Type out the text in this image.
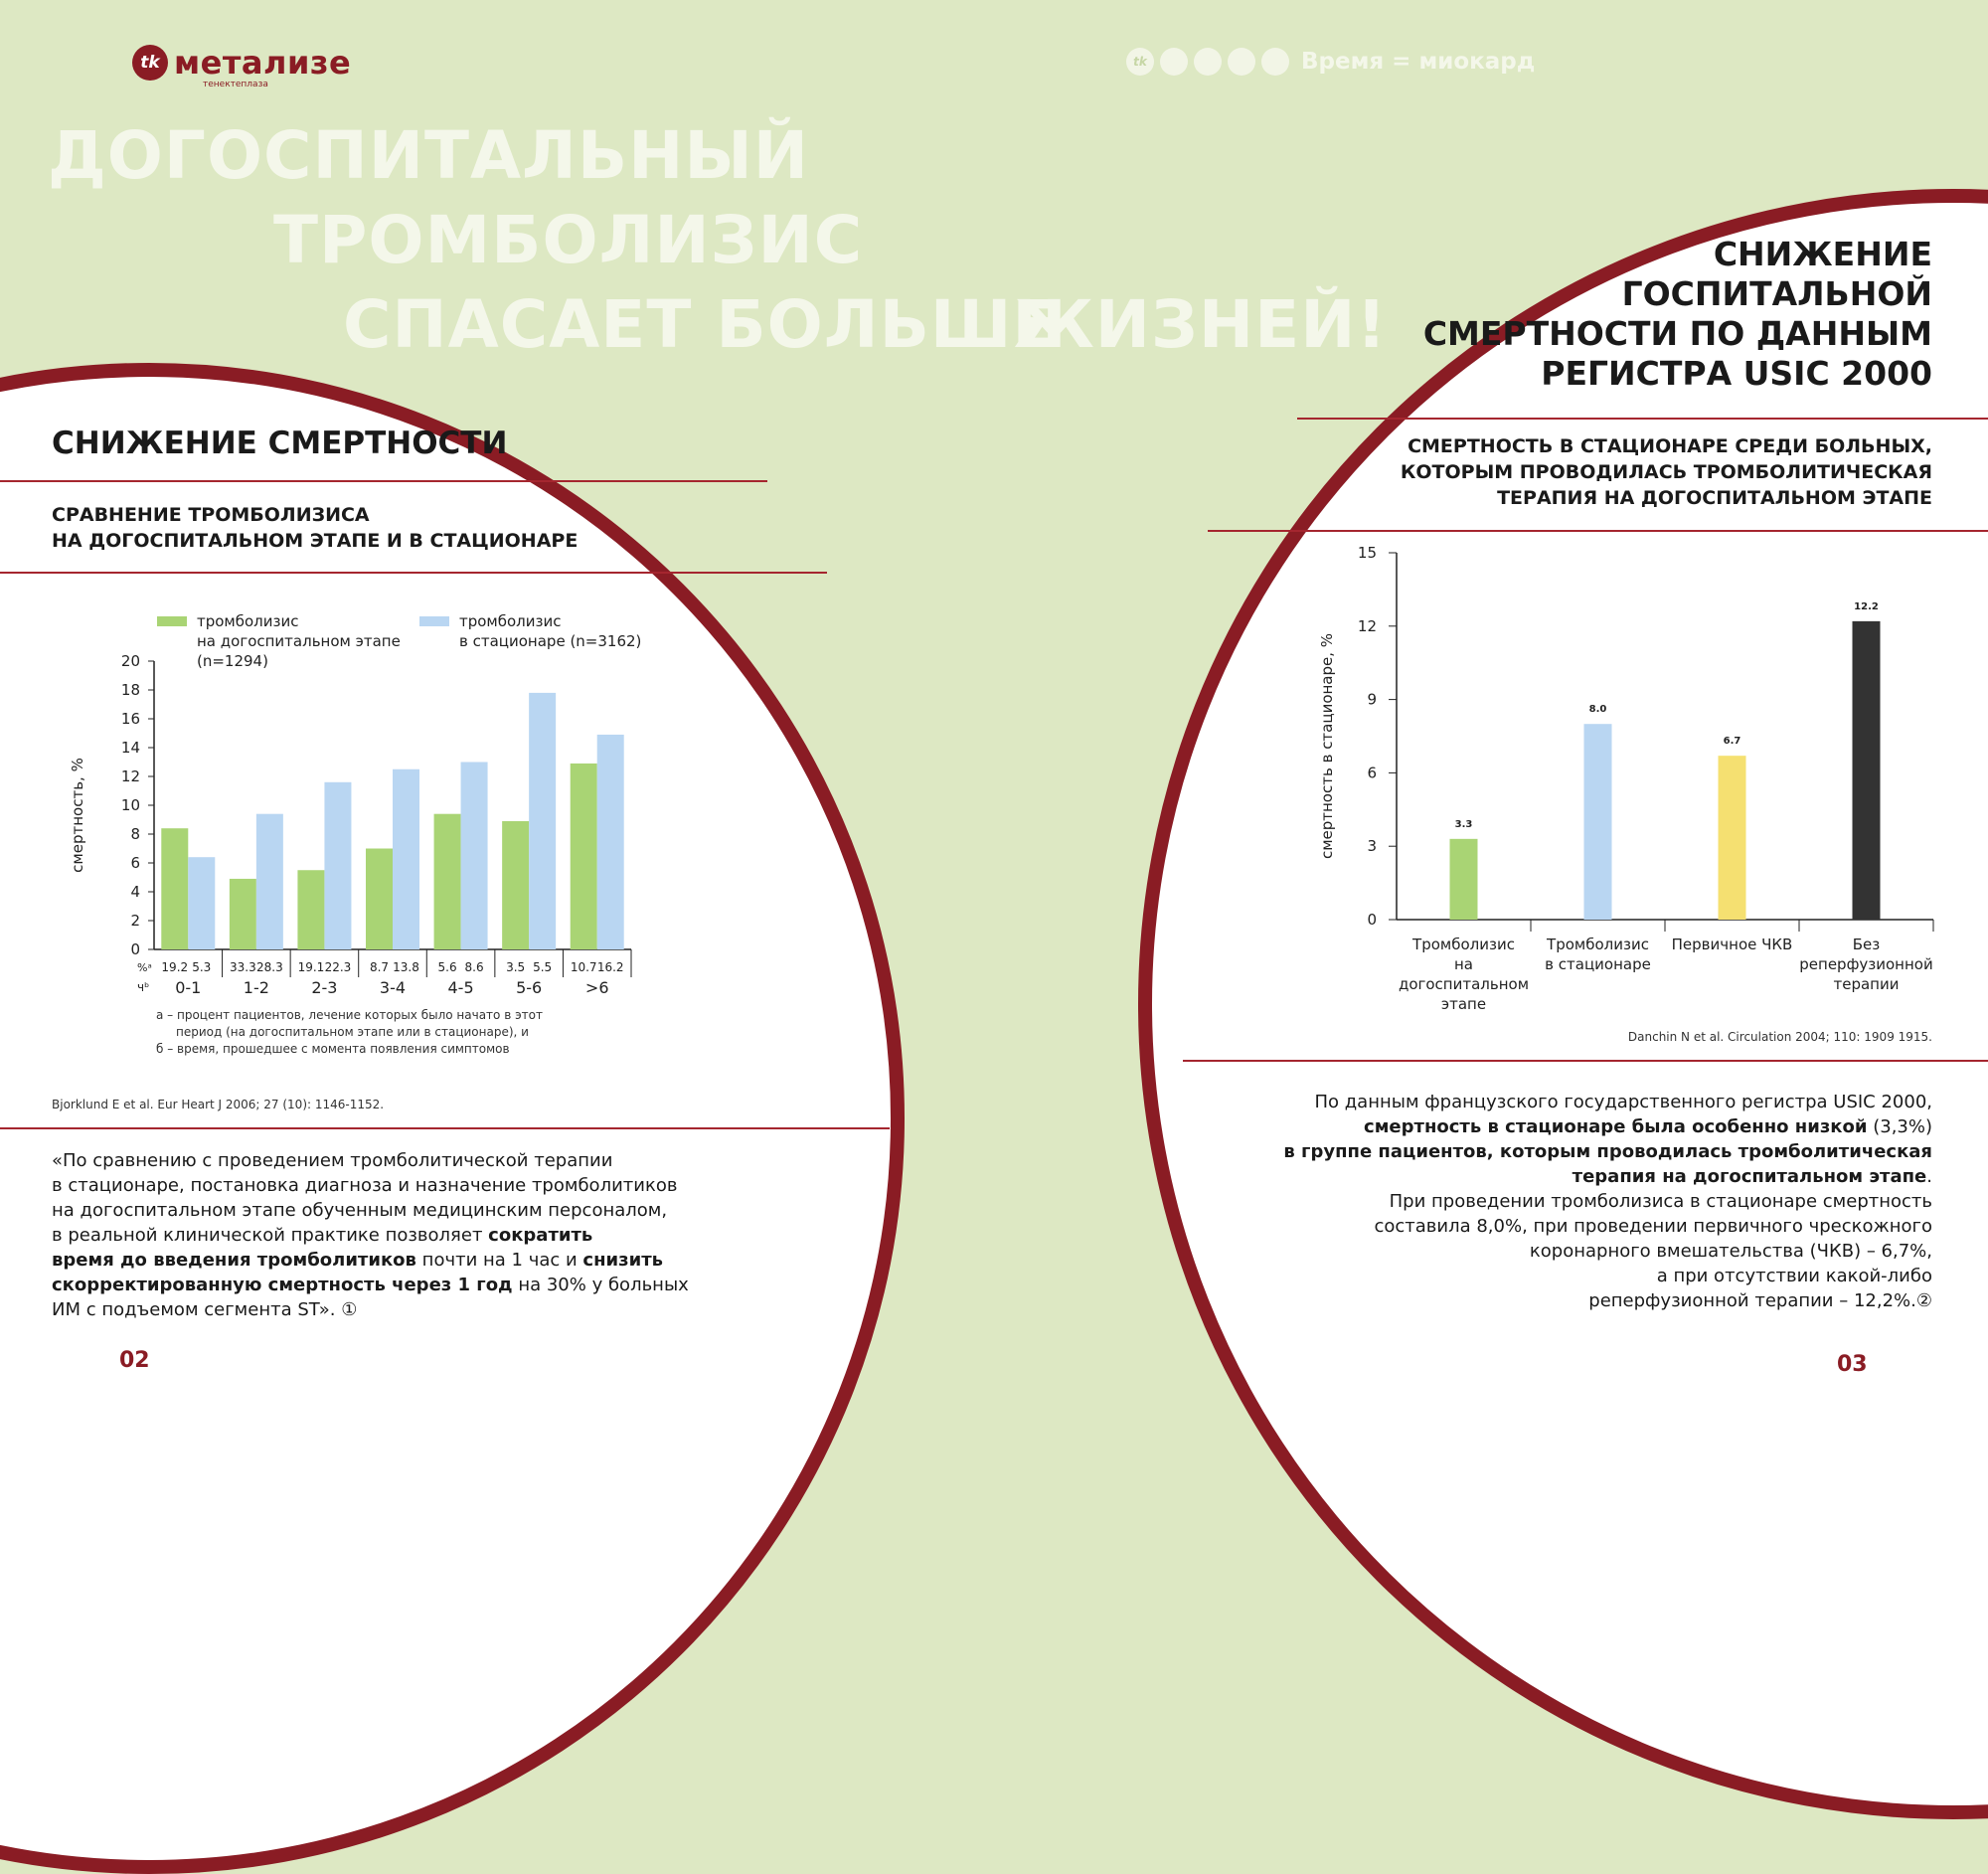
tk метализе
тенектеплаза
tk	Время = миокард
ДОГОСПИТАЛЬНЫЙ
ТРОМБОЛИЗИС
СПАСАЕТ БОЛЬШЕ
ЖИЗНЕЙ!
СНИЖЕНИЕ СМЕРТНОСТИ
СРАВНЕНИЕ ТРОМБОЛИЗИСА
НА ДОГОСПИТАЛЬНОМ ЭТАПЕ И В СТАЦИОНАРЕ
тромболизис
на догоспитальном этапе
(n=1294)
тромболизис
в стационаре (n=3162)
0
2
4
6
8
10
12
14
16
18
20
смертность, %
19.2 5.3
0-1
33.3 28.3
1-2
19.1 22.3
2-3
8.7 13.8
3-4
5.6 8.6
4-5
3.5 5.5
5-6
10.7 16.2
>6
%ᵃ
чᵇ
а – процент пациентов, лечение которых было начато в этот
период (на догоспитальном этапе или в стационаре), и
б – время, прошедшее с момента появления симптомов
Bjorklund E et al. Eur Heart J 2006; 27 (10): 1146-1152.
«По сравнению с проведением тромболитической терапии
в стационаре, постановка диагноза и назначение тромболитиков
на догоспитальном этапе обученным медицинским персоналом,
в реальной клинической практике позволяет сократить
время до введения тромболитиков почти на 1 час и снизить
скорректированную смертность через 1 год на 30% у больных
ИМ с подъемом сегмента ST». ①
02
СНИЖЕНИЕ
ГОСПИТАЛЬНОЙ
СМЕРТНОСТИ ПО ДАННЫМ
РЕГИСТРА USIC 2000
СМЕРТНОСТЬ В СТАЦИОНАРЕ СРЕДИ БОЛЬНЫХ,
КОТОРЫМ ПРОВОДИЛАСЬ ТРОМБОЛИТИЧЕСКАЯ
ТЕРАПИЯ НА ДОГОСПИТАЛЬНОМ ЭТАПЕ
0
3
6
9
12
15
смертность в стационаре, %	3.3
Тромболизис
на
догоспитальном
этапе
8.0
Тромболизис
в стационаре
6.7
Первичное ЧКВ
12.2
Без
реперфузионной
терапии
Danchin N et al. Circulation 2004; 110: 1909 1915.
По данным французского государственного регистра USIC 2000,
смертность в стационаре была особенно низкой (3,3%)
в группе пациентов, которым проводилась тромболитическая
терапия на догоспитальном этапе.
При проведении тромболизиса в стационаре смертность
составила 8,0%, при проведении первичного чрескожного
коронарного вмешательства (ЧКВ) – 6,7%,
а при отсутствии какой-либо
реперфузионной терапии – 12,2%.②
03
